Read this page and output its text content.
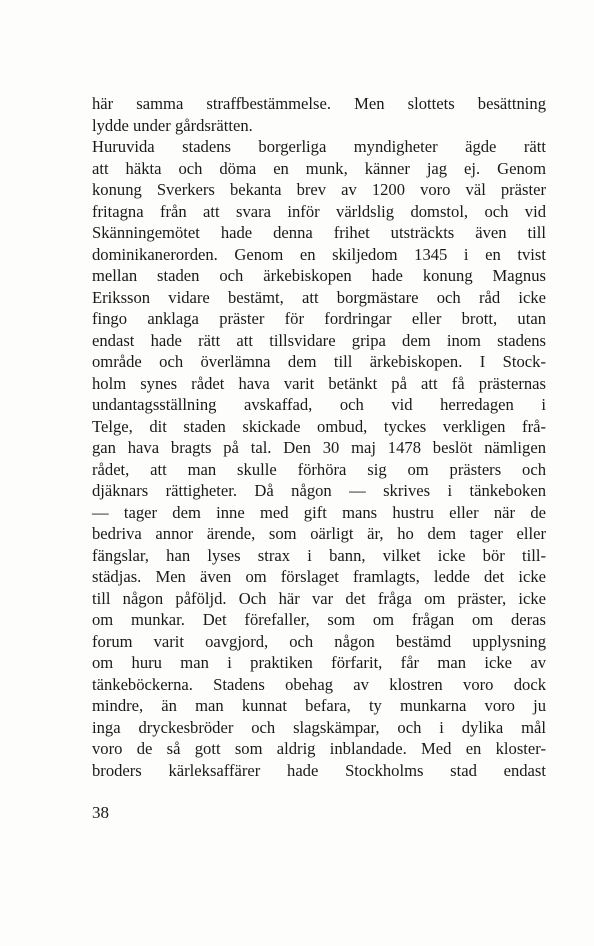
här samma straffbestämmelse. Men slottets besättning
lydde under gårdsrätten.
Huruvida stadens borgerliga myndigheter ägde rätt
att häkta och döma en munk, känner jag ej. Genom
konung Sverkers bekanta brev av 1200 voro väl präster
fritagna från att svara inför världslig domstol, och vid
Skänningemötet hade denna frihet utsträckts även till
dominikanerorden. Genom en skiljedom 1345 i en tvist
mellan staden och ärkebiskopen hade konung Magnus
Eriksson vidare bestämt, att borgmästare och råd icke
fingo anklaga präster för fordringar eller brott, utan
endast hade rätt att tillsvidare gripa dem inom stadens
område och överlämna dem till ärkebiskopen. I Stock-
holm synes rådet hava varit betänkt på att få prästernas
undantagsställning avskaffad, och vid herredagen i
Telge, dit staden skickade ombud, tyckes verkligen frå-
gan hava bragts på tal. Den 30 maj 1478 beslöt nämligen
rådet, att man skulle förhöra sig om prästers och
djäknars rättigheter. Då någon — skrives i tänkeboken
— tager dem inne med gift mans hustru eller när de
bedriva annor ärende, som oärligt är, ho dem tager eller
fängslar, han lyses strax i bann, vilket icke bör till-
städjas. Men även om förslaget framlagts, ledde det icke
till någon påföljd. Och här var det fråga om präster, icke
om munkar. Det förefaller, som om frågan om deras
forum varit oavgjord, och någon bestämd upplysning
om huru man i praktiken förfarit, får man icke av
tänkeböckerna. Stadens obehag av klostren voro dock
mindre, än man kunnat befara, ty munkarna voro ju
inga dryckesbröder och slagskämpar, och i dylika mål
voro de så gott som aldrig inblandade. Med en kloster-
broders kärleksaffärer hade Stockholms stad endast
38
